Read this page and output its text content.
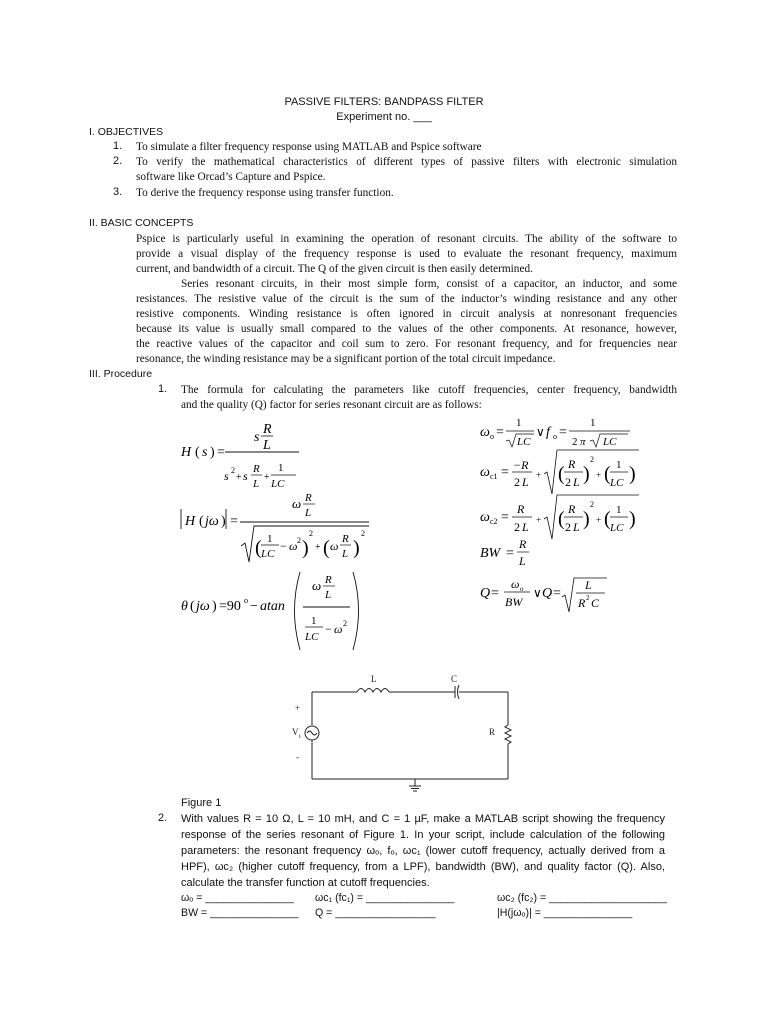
PASSIVE FILTERS: BANDPASS FILTER
Experiment no. ___
I. OBJECTIVES
1. To simulate a filter frequency response using MATLAB and Pspice software
2. To verify the mathematical characteristics of different types of passive filters with electronic simulation
software like Orcad’s Capture and Pspice.
3. To derive the frequency response using transfer function.
II. BASIC CONCEPTS
Pspice is particularly useful in examining the operation of resonant circuits. The ability of the software to
provide a visual display of the frequency response is used to evaluate the resonant frequency, maximum
current, and bandwidth of a circuit. The Q of the given circuit is then easily determined.
Series resonant circuits, in their most simple form, consist of a capacitor, an inductor, and some
resistances. The resistive value of the circuit is the sum of the inductor’s winding resistance and any other
resistive components. Winding resistance is often ignored in circuit analysis at nonresonant frequencies
because its value is usually small compared to the values of the other components. At resonance, however,
the reactive values of the capacitor and coil sum to zero. For resonant frequency, and for frequencies near
resonance, the winding resistance may be a significant portion of the total circuit impedance.
III. Procedure
1. The formula for calculating the parameters like cutoff frequencies, center frequency, bandwidth
and the quality (Q) factor for series resonant circuit are as follows:
H ( s ) =
s
R
L
s 2
+ s R
L
+
1
LC
H ( jω ) =
ω R
L
( 1
LC
− ω 2 )
2
+ ( ω R
L )
2
θ ( jω ) =90 o − atan
ω R
L
1
LC
− ω 2
ω o =
1
LC
∨ f o =
1
2 π LC
ω c1 = −R
2 L + ( R
2 L )
2
+ ( 1
LC )
ω c2 =
R
2 L + ( R
2 L )
2
+ ( 1
LC )
BW =
R
L
Q =
ω o
BW
∨ Q =
L
R 2 C
L	C
R
+
-
V i
Figure 1
2. With values R = 10 Ω, L = 10 mH, and C = 1 µF, make a MATLAB script showing the frequency
response of the series resonant of Figure 1. In your script, include calculation of the following
parameters: the resonant frequency ωₒ, fₒ, ωc₁ (lower cutoff frequency, actually derived from a
HPF), ωc₂ (higher cutoff frequency, from a LPF), bandwidth (BW), and quality factor (Q). Also,
calculate the transfer function at cutoff frequencies.
ωₒ = _______________ ωc₁ (fc₁) = _______________	ωc₂ (fc₂) = ____________________
BW = _______________ Q = _________________	|H(jωₒ)| = _______________
